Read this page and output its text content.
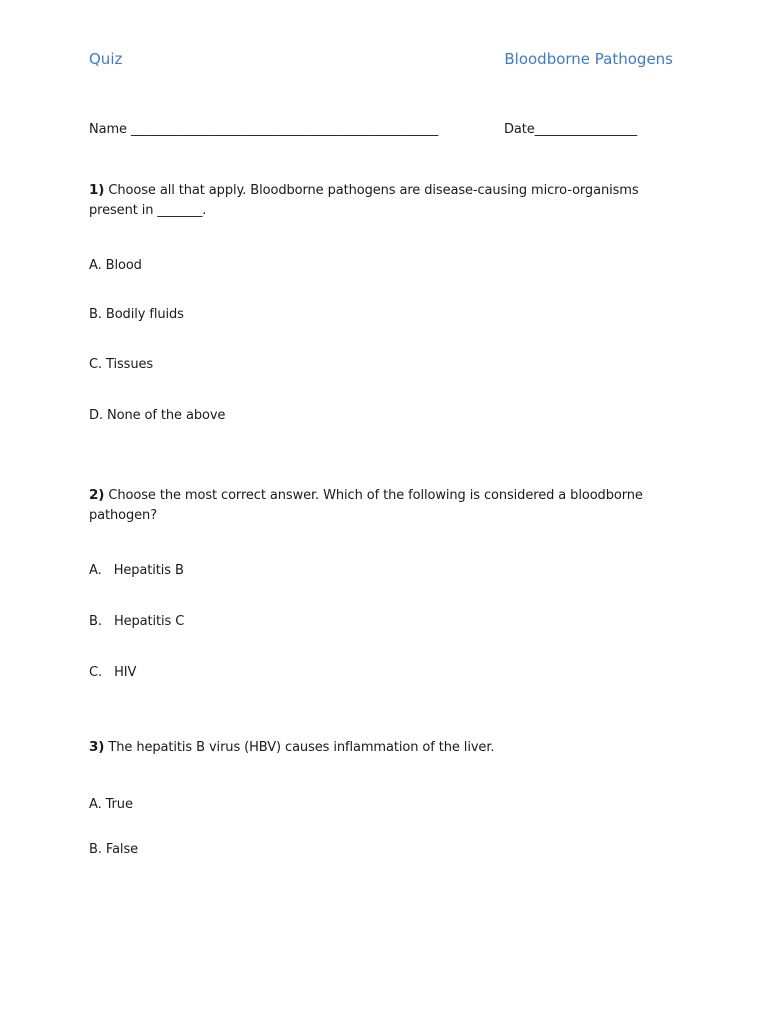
Quiz	Bloodborne Pathogens
Name ________________________________________________	Date________________
1) Choose all that apply. Bloodborne pathogens are disease-causing micro-organisms present in _______.
A. Blood
B. Bodily fluids
C. Tissues
D. None of the above
2) Choose the most correct answer. Which of the following is considered a bloodborne pathogen?
A.   Hepatitis B
B.   Hepatitis C
C.   HIV
3) The hepatitis B virus (HBV) causes inflammation of the liver.
A. True
B. False
